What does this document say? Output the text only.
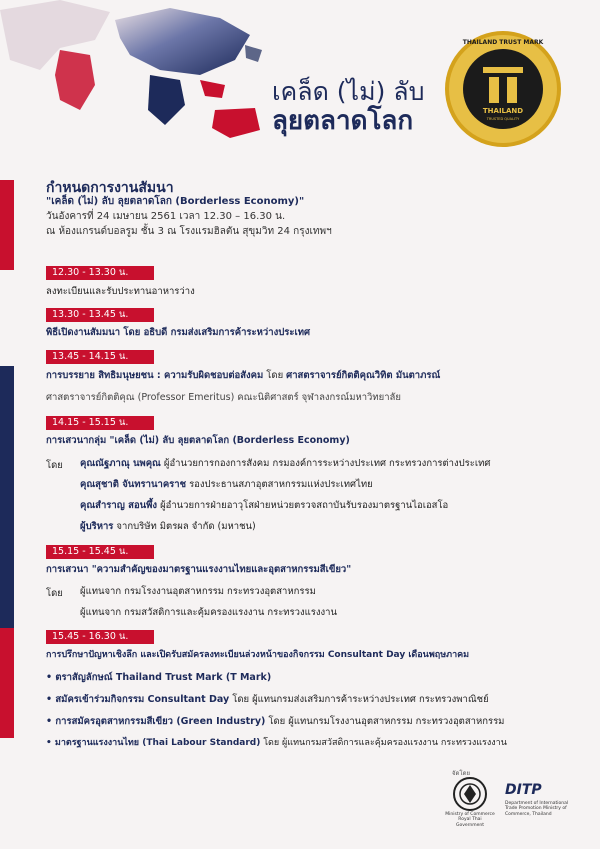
เคล็ด (ไม่) ลับ
ลุยตลาดโลก	THAILAND
TRUSTED QUALITY
THAILAND TRUST MARK
กำหนดการงานสัมนา
"เคล็ด (ไม่) ลับ ลุยตลาดโลก (Borderless Economy)"
วันอังคารที่ 24 เมษายน 2561 เวลา 12.30 – 16.30 น.
ณ ห้องแกรนด์บอลรูม ชั้น 3 ณ โรงแรมฮิลตัน สุขุมวิท 24 กรุงเทพฯ
12.30 - 13.30 น.
ลงทะเบียนและรับประทานอาหารว่าง
13.30 - 13.45 น.
พิธีเปิดงานสัมมนา โดย อธิบดี กรมส่งเสริมการค้าระหว่างประเทศ
13.45 - 14.15 น.
การบรรยาย สิทธิมนุษยชน : ความรับผิดชอบต่อสังคม โดย ศาสตราจารย์กิตติคุณวิทิต มันตาภรณ์
ศาสตราจารย์กิตติคุณ (Professor Emeritus) คณะนิติศาสตร์ จุฬาลงกรณ์มหาวิทยาลัย
14.15 - 15.15 น.
การเสวนากลุ่ม "เคล็ด (ไม่) ลับ ลุยตลาดโลก (Borderless Economy)
โดย คุณณัฐภาณุ นพคุณ ผู้อำนวยการกองการสังคม กรมองค์การระหว่างประเทศ กระทรวงการต่างประเทศ
คุณสุชาติ จันทรานาคราช รองประธานสภาอุตสาหกรรมแห่งประเทศไทย
คุณสำราญ สอนพึ้ง ผู้อำนวยการฝ่ายอาวุโสฝ่ายหน่วยตรวจสถาบันรับรองมาตรฐานไอเอสโอ
ผู้บริหาร จากบริษัท มิตรผล จำกัด (มหาชน)
15.15 - 15.45 น.
การเสวนา "ความสำคัญของมาตรฐานแรงงานไทยและอุตสาหกรรมสีเขียว"
โดย ผู้แทนจาก กรมโรงงานอุตสาหกรรม กระทรวงอุตสาหกรรม
ผู้แทนจาก กรมสวัสดิการและคุ้มครองแรงงาน กระทรวงแรงงาน
15.45 - 16.30 น.
การปรึกษาปัญหาเชิงลึก และเปิดรับสมัครลงทะเบียนล่วงหน้าของกิจกรรม Consultant Day เดือนพฤษภาคม
• ตราสัญลักษณ์ Thailand Trust Mark (T Mark)
• สมัครเข้าร่วมกิจกรรม Consultant Day โดย ผู้แทนกรมส่งเสริมการค้าระหว่างประเทศ กระทรวงพาณิชย์
• การสมัครอุตสาหกรรมสีเขียว (Green Industry) โดย ผู้แทนกรมโรงงานอุตสาหกรรม กระทรวงอุตสาหกรรม
• มาตรฐานแรงงานไทย (Thai Labour Standard) โดย ผู้แทนกรมสวัสดิการและคุ้มครองแรงงาน กระทรวงแรงงาน
จัดโดย
Ministry of Commerce Royal Thai Government
DITP
Department of International Trade Promotion Ministry of Commerce, Thailand
